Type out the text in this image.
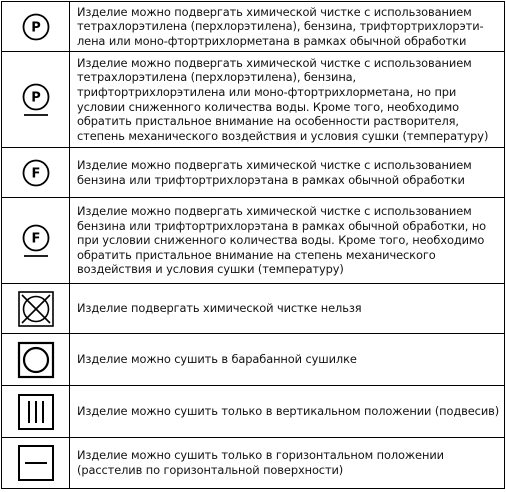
P	Изделие можно подвергать химической чистке с использованием тетрахлорэтилена (перхлорэтилена), бензина, трифтортрихлорэтилена или моно-фтортрихлорметана в рамках обычной обработки

P	Изделие можно подвергать химической чистке с использованием тетрахлорэтилена (перхлорэтилена), бензина, трифтортрихлорэтилена или моно-фтортрихлорметана, но при условии сниженного количества воды. Кроме того, необходимо обратить пристальное внимание на особенности растворителя, степень механического воздействия и условия сушки (температуру)

F	Изделие можно подвергать химической чистке с использованием бензина или трифтортрихлорэтана в рамках обычной обработки

F	Изделие можно подвергать химической чистке с использованием бензина или трифтортрихлорэтана в рамках обычной обработки, но при условии сниженного количества воды. Кроме того, необходимо обратить пристальное внимание на степень механического воздействия и условия сушки (температуру)

	Изделие подвергать химической чистке нельзя

	Изделие можно сушить в барабанной сушилке

	Изделие можно сушить только в вертикальном положении (подвесив)

	Изделие можно сушить только в горизонтальном положении (расстелив по горизонтальной поверхности)
